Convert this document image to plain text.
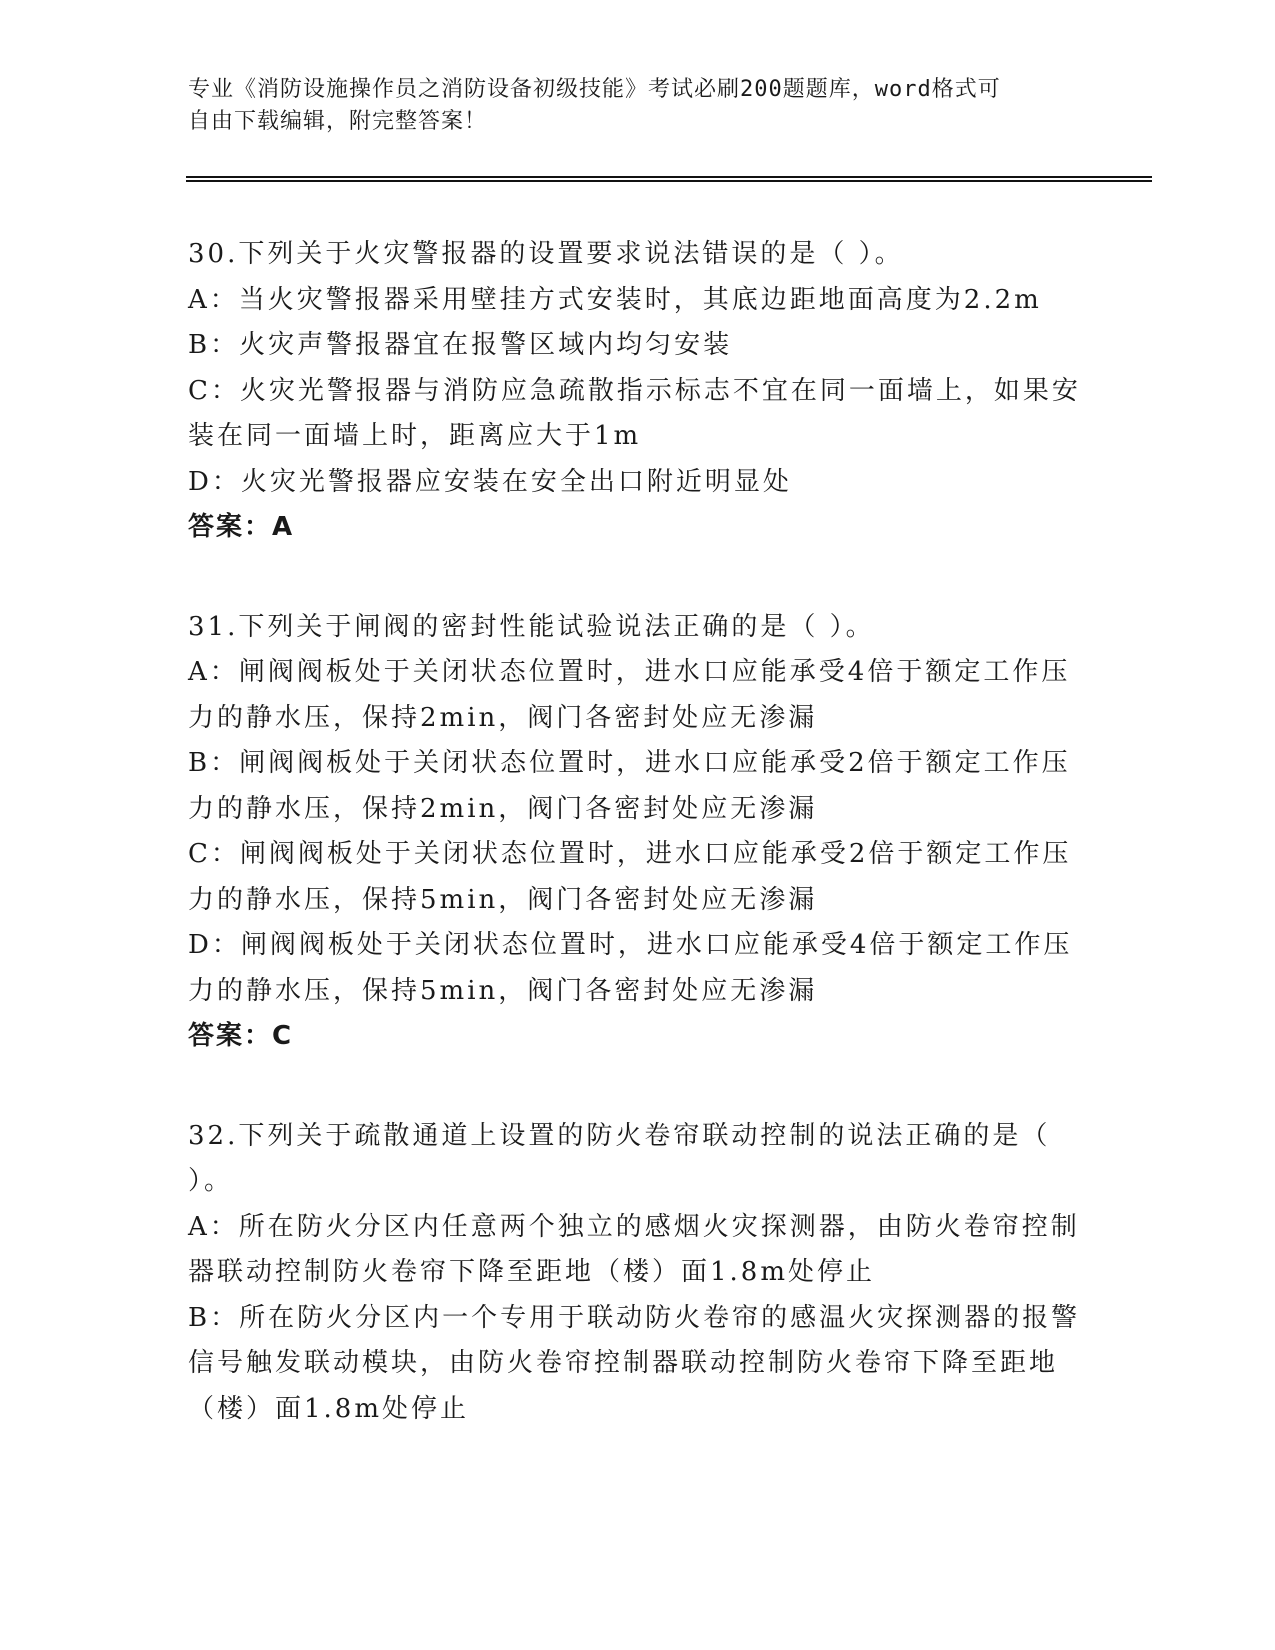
专业《消防设施操作员之消防设备初级技能》考试必刷200题题库，word格式可
自由下载编辑，附完整答案！
30.下列关于火灾警报器的设置要求说法错误的是（ ）。
A：当火灾警报器采用壁挂方式安装时，其底边距地面高度为2.2m
B：火灾声警报器宜在报警区域内均匀安装
C：火灾光警报器与消防应急疏散指示标志不宜在同一面墙上，如果安
装在同一面墙上时，距离应大于1m
D：火灾光警报器应安装在安全出口附近明显处
答案：A
31.下列关于闸阀的密封性能试验说法正确的是（ ）。
A：闸阀阀板处于关闭状态位置时，进水口应能承受4倍于额定工作压
力的静水压，保持2min，阀门各密封处应无渗漏
B：闸阀阀板处于关闭状态位置时，进水口应能承受2倍于额定工作压
力的静水压，保持2min，阀门各密封处应无渗漏
C：闸阀阀板处于关闭状态位置时，进水口应能承受2倍于额定工作压
力的静水压，保持5min，阀门各密封处应无渗漏
D：闸阀阀板处于关闭状态位置时，进水口应能承受4倍于额定工作压
力的静水压，保持5min，阀门各密封处应无渗漏
答案：C
32.下列关于疏散通道上设置的防火卷帘联动控制的说法正确的是（
）。
A：所在防火分区内任意两个独立的感烟火灾探测器，由防火卷帘控制
器联动控制防火卷帘下降至距地（楼）面1.8m处停止
B：所在防火分区内一个专用于联动防火卷帘的感温火灾探测器的报警
信号触发联动模块，由防火卷帘控制器联动控制防火卷帘下降至距地
（楼）面1.8m处停止
